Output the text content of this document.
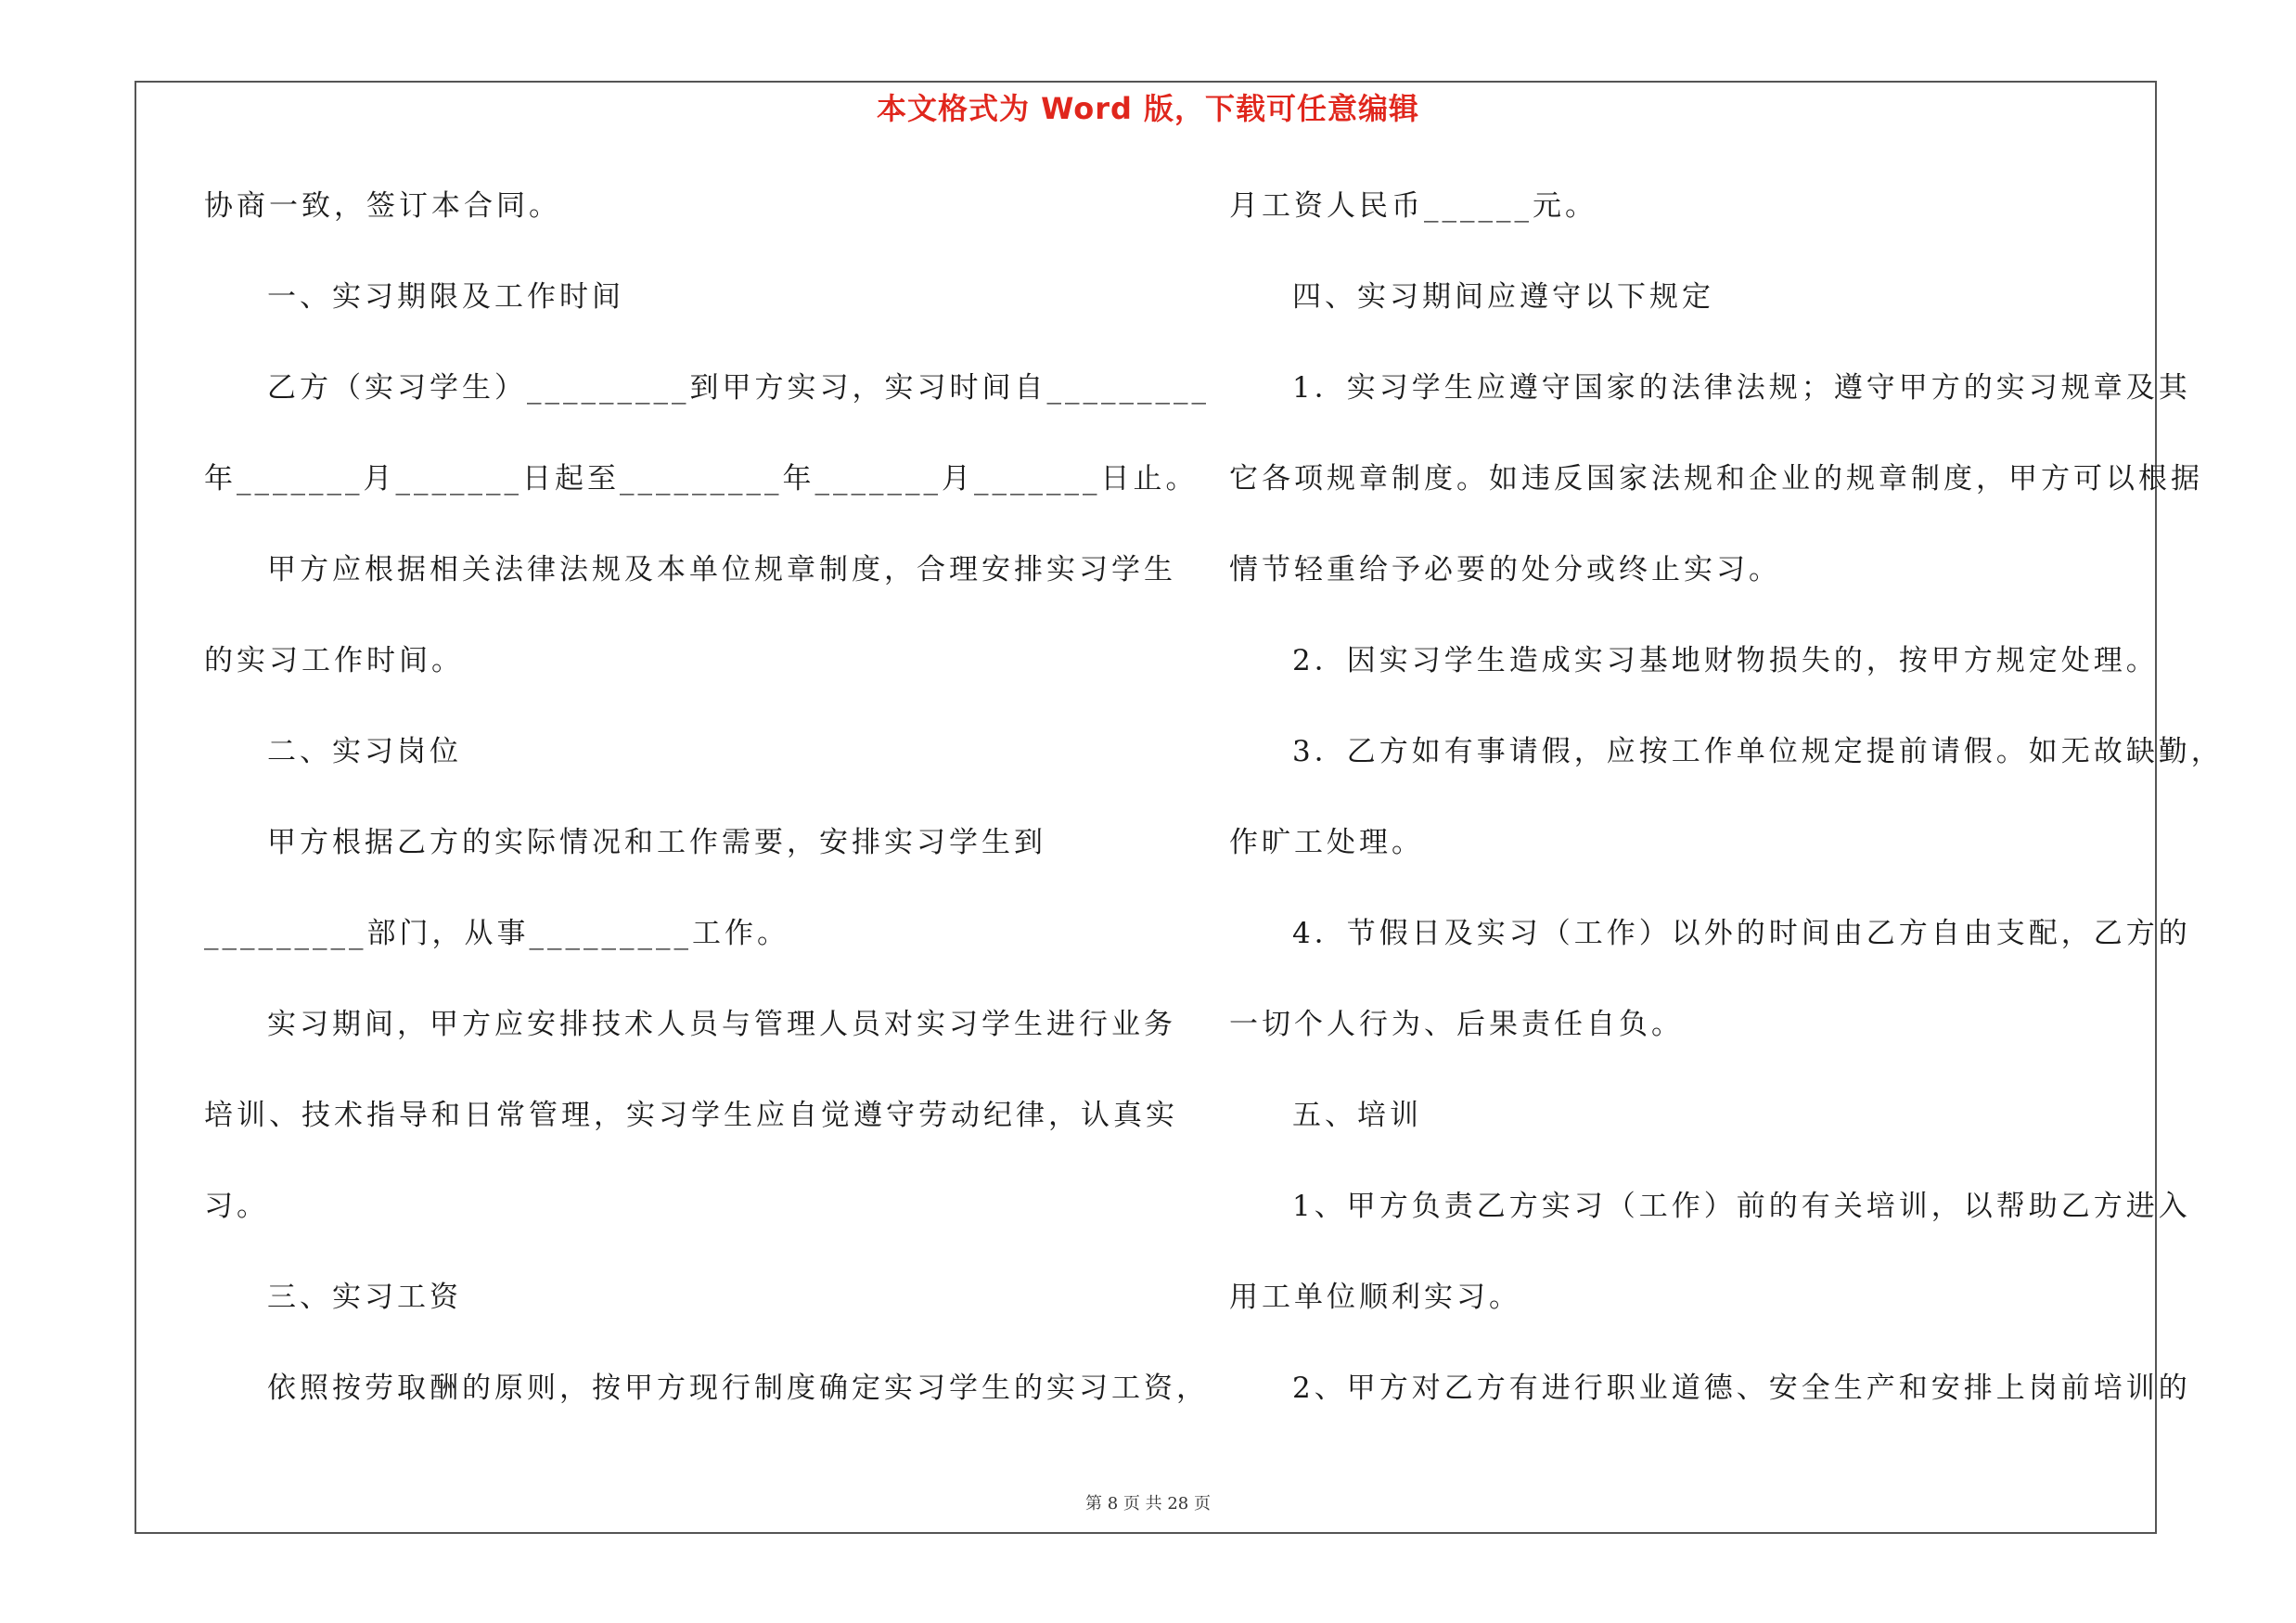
本文格式为 Word 版，下载可任意编辑
协商一致，签订本合同。
一、实习期限及工作时间
乙方（实习学生）_________到甲方实习，实习时间自_________
年_______月_______日起至_________年_______月_______日止。
甲方应根据相关法律法规及本单位规章制度，合理安排实习学生
的实习工作时间。
二、实习岗位
甲方根据乙方的实际情况和工作需要，安排实习学生到
_________部门，从事_________工作。
实习期间，甲方应安排技术人员与管理人员对实习学生进行业务
培训、技术指导和日常管理，实习学生应自觉遵守劳动纪律，认真实
习。
三、实习工资
依照按劳取酬的原则，按甲方现行制度确定实习学生的实习工资，
月工资人民币______元。
四、实习期间应遵守以下规定
1．实习学生应遵守国家的法律法规；遵守甲方的实习规章及其
它各项规章制度。如违反国家法规和企业的规章制度，甲方可以根据
情节轻重给予必要的处分或终止实习。
2．因实习学生造成实习基地财物损失的，按甲方规定处理。
3．乙方如有事请假，应按工作单位规定提前请假。如无故缺勤，
作旷工处理。
4．节假日及实习（工作）以外的时间由乙方自由支配，乙方的
一切个人行为、后果责任自负。
五、培训
1、甲方负责乙方实习（工作）前的有关培训，以帮助乙方进入
用工单位顺利实习。
2、甲方对乙方有进行职业道德、安全生产和安排上岗前培训的
第 8 页 共 28 页
